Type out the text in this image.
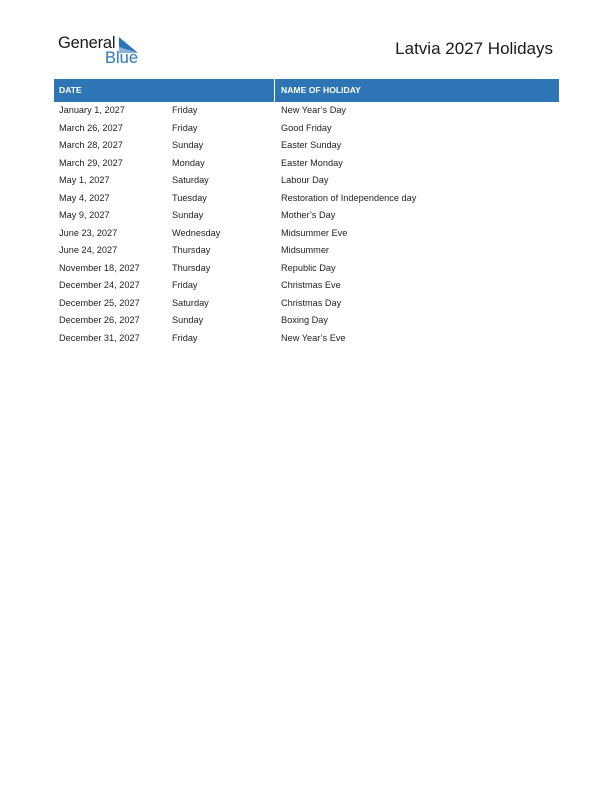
General
Blue	Latvia 2027 Holidays
DATE	NAME OF HOLIDAY
January 1, 2027	Friday	New Year’s Day
March 26, 2027	Friday	Good Friday
March 28, 2027	Sunday	Easter Sunday
March 29, 2027	Monday	Easter Monday
May 1, 2027	Saturday	Labour Day
May 4, 2027	Tuesday	Restoration of Independence day
May 9, 2027	Sunday	Mother’s Day
June 23, 2027	Wednesday	Midsummer Eve
June 24, 2027	Thursday	Midsummer
November 18, 2027	Thursday	Republic Day
December 24, 2027	Friday	Christmas Eve
December 25, 2027	Saturday	Christmas Day
December 26, 2027	Sunday	Boxing Day
December 31, 2027	Friday	New Year’s Eve
